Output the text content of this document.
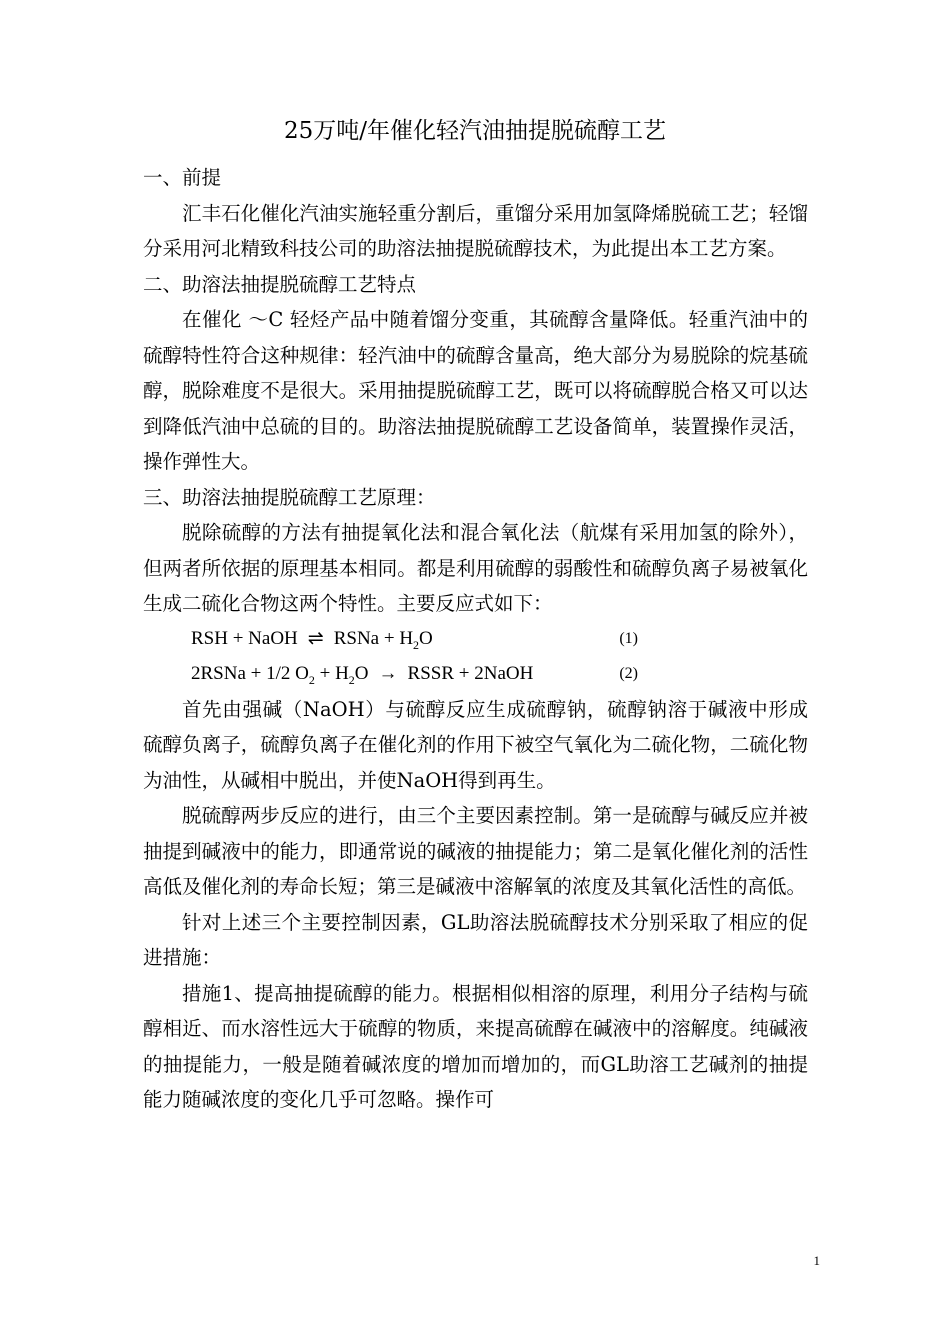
25万吨/年催化轻汽油抽提脱硫醇工艺
一、前提

汇丰石化催化汽油实施轻重分割后，重馏分采用加氢降烯脱硫工艺；轻馏分采用河北精致科技公司的助溶法抽提脱硫醇技术，为此提出本工艺方案。

二、助溶法抽提脱硫醇工艺特点

在催化 ～C 轻烃产品中随着馏分变重，其硫醇含量降低。轻重汽油中的硫醇特性符合这种规律：轻汽油中的硫醇含量高，绝大部分为易脱除的烷基硫醇，脱除难度不是很大。采用抽提脱硫醇工艺，既可以将硫醇脱合格又可以达到降低汽油中总硫的目的。助溶法抽提脱硫醇工艺设备简单，装置操作灵活，操作弹性大。

三、助溶法抽提脱硫醇工艺原理：

脱除硫醇的方法有抽提氧化法和混合氧化法（航煤有采用加氢的除外），但两者所依据的原理基本相同。都是利用硫醇的弱酸性和硫醇负离子易被氧化生成二硫化合物这两个特性。主要反应式如下：

RSH + NaOH ⇌ RSNa + $H_2O$	(1)
2RSNa + 1/2 $O_2 + H_2O$ → RSSR + 2NaOH	(2)

首先由强碱（NaOH）与硫醇反应生成硫醇钠，硫醇钠溶于碱液中形成硫醇负离子，硫醇负离子在催化剂的作用下被空气氧化为二硫化物，二硫化物为油性，从碱相中脱出，并使NaOH得到再生。

脱硫醇两步反应的进行，由三个主要因素控制。第一是硫醇与碱反应并被抽提到碱液中的能力，即通常说的碱液的抽提能力；第二是氧化催化剂的活性高低及催化剂的寿命长短；第三是碱液中溶解氧的浓度及其氧化活性的高低。

针对上述三个主要控制因素，GL助溶法脱硫醇技术分别采取了相应的促进措施：

措施1、提高抽提硫醇的能力。根据相似相溶的原理，利用分子结构与硫醇相近、而水溶性远大于硫醇的物质，来提高硫醇在碱液中的溶解度。纯碱液的抽提能力，一般是随着碱浓度的增加而增加的，而GL助溶工艺碱剂的抽提能力随碱浓度的变化几乎可忽略。操作可

1
